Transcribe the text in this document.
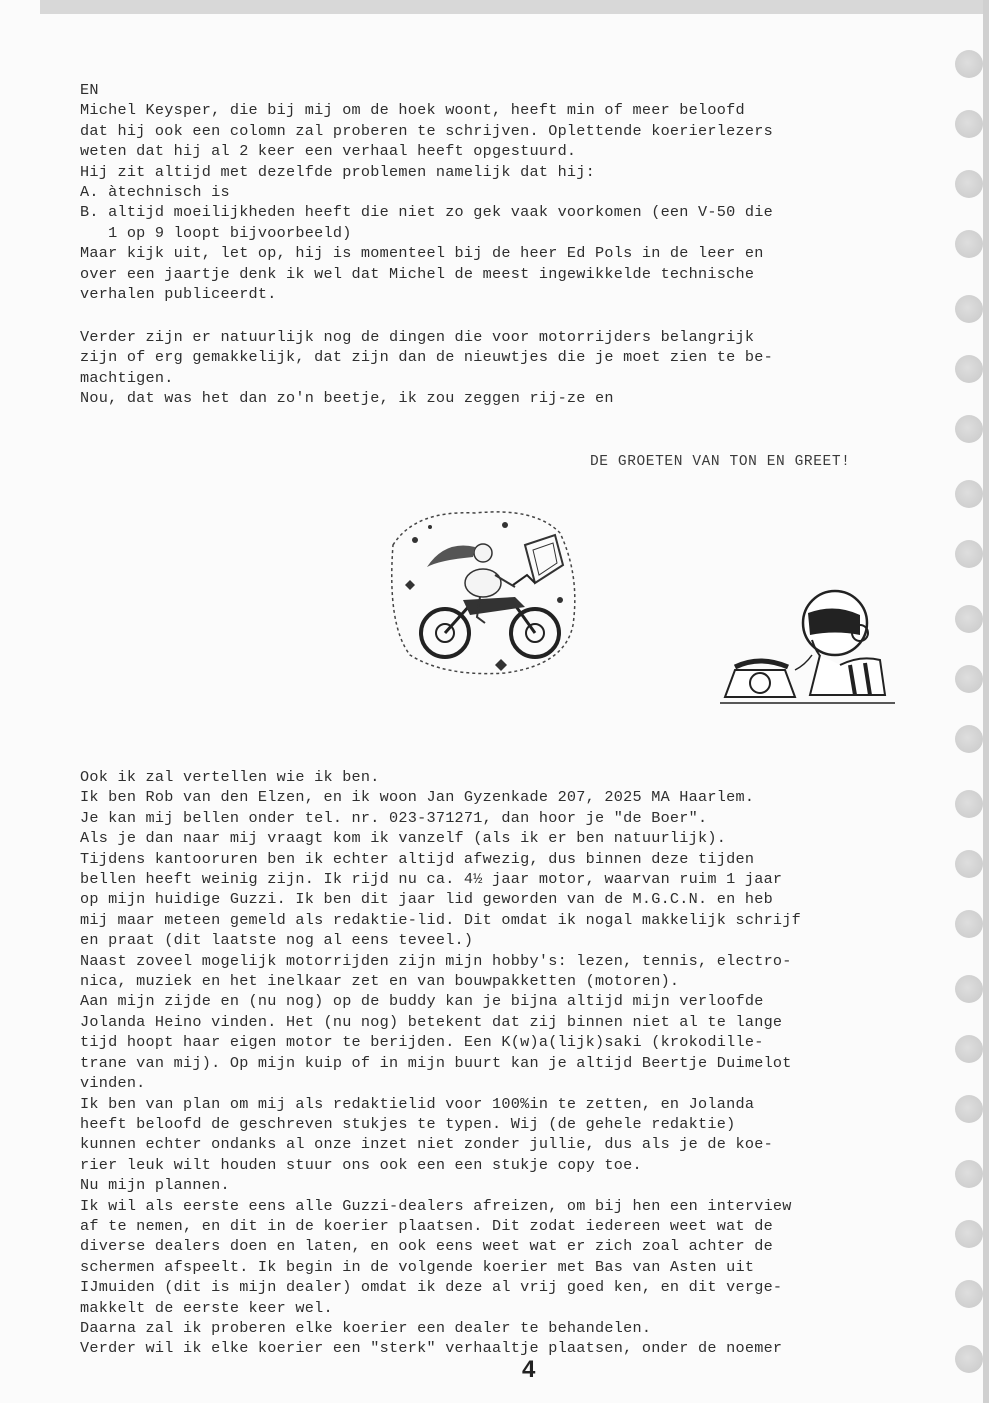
EN
Michel Keysper, die bij mij om de hoek woont, heeft min of meer beloofd
dat hij ook een colomn zal proberen te schrijven. Oplettende koerierlezers
weten dat hij al 2 keer een verhaal heeft opgestuurd.
Hij zit altijd met dezelfde problemen namelijk dat hij:
A. àtechnisch is
B. altijd moeilijkheden heeft die niet zo gek vaak voorkomen (een V-50 die
1 op 9 loopt bijvoorbeeld)
Maar kijk uit, let op, hij is momenteel bij de heer Ed Pols in de leer en
over een jaartje denk ik wel dat Michel de meest ingewikkelde technische
verhalen publiceerdt.
Verder zijn er natuurlijk nog de dingen die voor motorrijders belangrijk
zijn of erg gemakkelijk, dat zijn dan de nieuwtjes die je moet zien te be-
machtigen.
Nou, dat was het dan zo'n beetje, ik zou zeggen rij-ze en
DE GROETEN VAN TON EN GREET!
Ook ik zal vertellen wie ik ben.
Ik ben Rob van den Elzen, en ik woon Jan Gyzenkade 207, 2025 MA Haarlem.
Je kan mij bellen onder tel. nr. 023-371271, dan hoor je "de Boer".
Als je dan naar mij vraagt kom ik vanzelf (als ik er ben natuurlijk).
Tijdens kantooruren ben ik echter altijd afwezig, dus binnen deze tijden
bellen heeft weinig zijn. Ik rijd nu ca. 4½ jaar motor, waarvan ruim 1 jaar
op mijn huidige Guzzi. Ik ben dit jaar lid geworden van de M.G.C.N. en heb
mij maar meteen gemeld als redaktie-lid. Dit omdat ik nogal makkelijk schrijf
en praat (dit laatste nog al eens teveel.)
Naast zoveel mogelijk motorrijden zijn mijn hobby's: lezen, tennis, electro-
nica, muziek en het inelkaar zet en van bouwpakketten (motoren).
Aan mijn zijde en (nu nog) op de buddy kan je bijna altijd mijn verloofde
Jolanda Heino vinden. Het (nu nog) betekent dat zij binnen niet al te lange
tijd hoopt haar eigen motor te berijden. Een K(w)a(lijk)saki (krokodille-
trane van mij). Op mijn kuip of in mijn buurt kan je altijd Beertje Duimelot
vinden.
Ik ben van plan om mij als redaktielid voor 100%in te zetten, en Jolanda
heeft beloofd de geschreven stukjes te typen. Wij (de gehele redaktie)
kunnen echter ondanks al onze inzet niet zonder jullie, dus als je de koe-
rier leuk wilt houden stuur ons ook een een stukje copy toe.
Nu mijn plannen.
Ik wil als eerste eens alle Guzzi-dealers afreizen, om bij hen een interview
af te nemen, en dit in de koerier plaatsen. Dit zodat iedereen weet wat de
diverse dealers doen en laten, en ook eens weet wat er zich zoal achter de
schermen afspeelt. Ik begin in de volgende koerier met Bas van Asten uit
IJmuiden (dit is mijn dealer) omdat ik deze al vrij goed ken, en dit verge-
makkelt de eerste keer wel.
Daarna zal ik proberen elke koerier een dealer te behandelen.
Verder wil ik elke koerier een "sterk" verhaaltje plaatsen, onder de noemer
4
